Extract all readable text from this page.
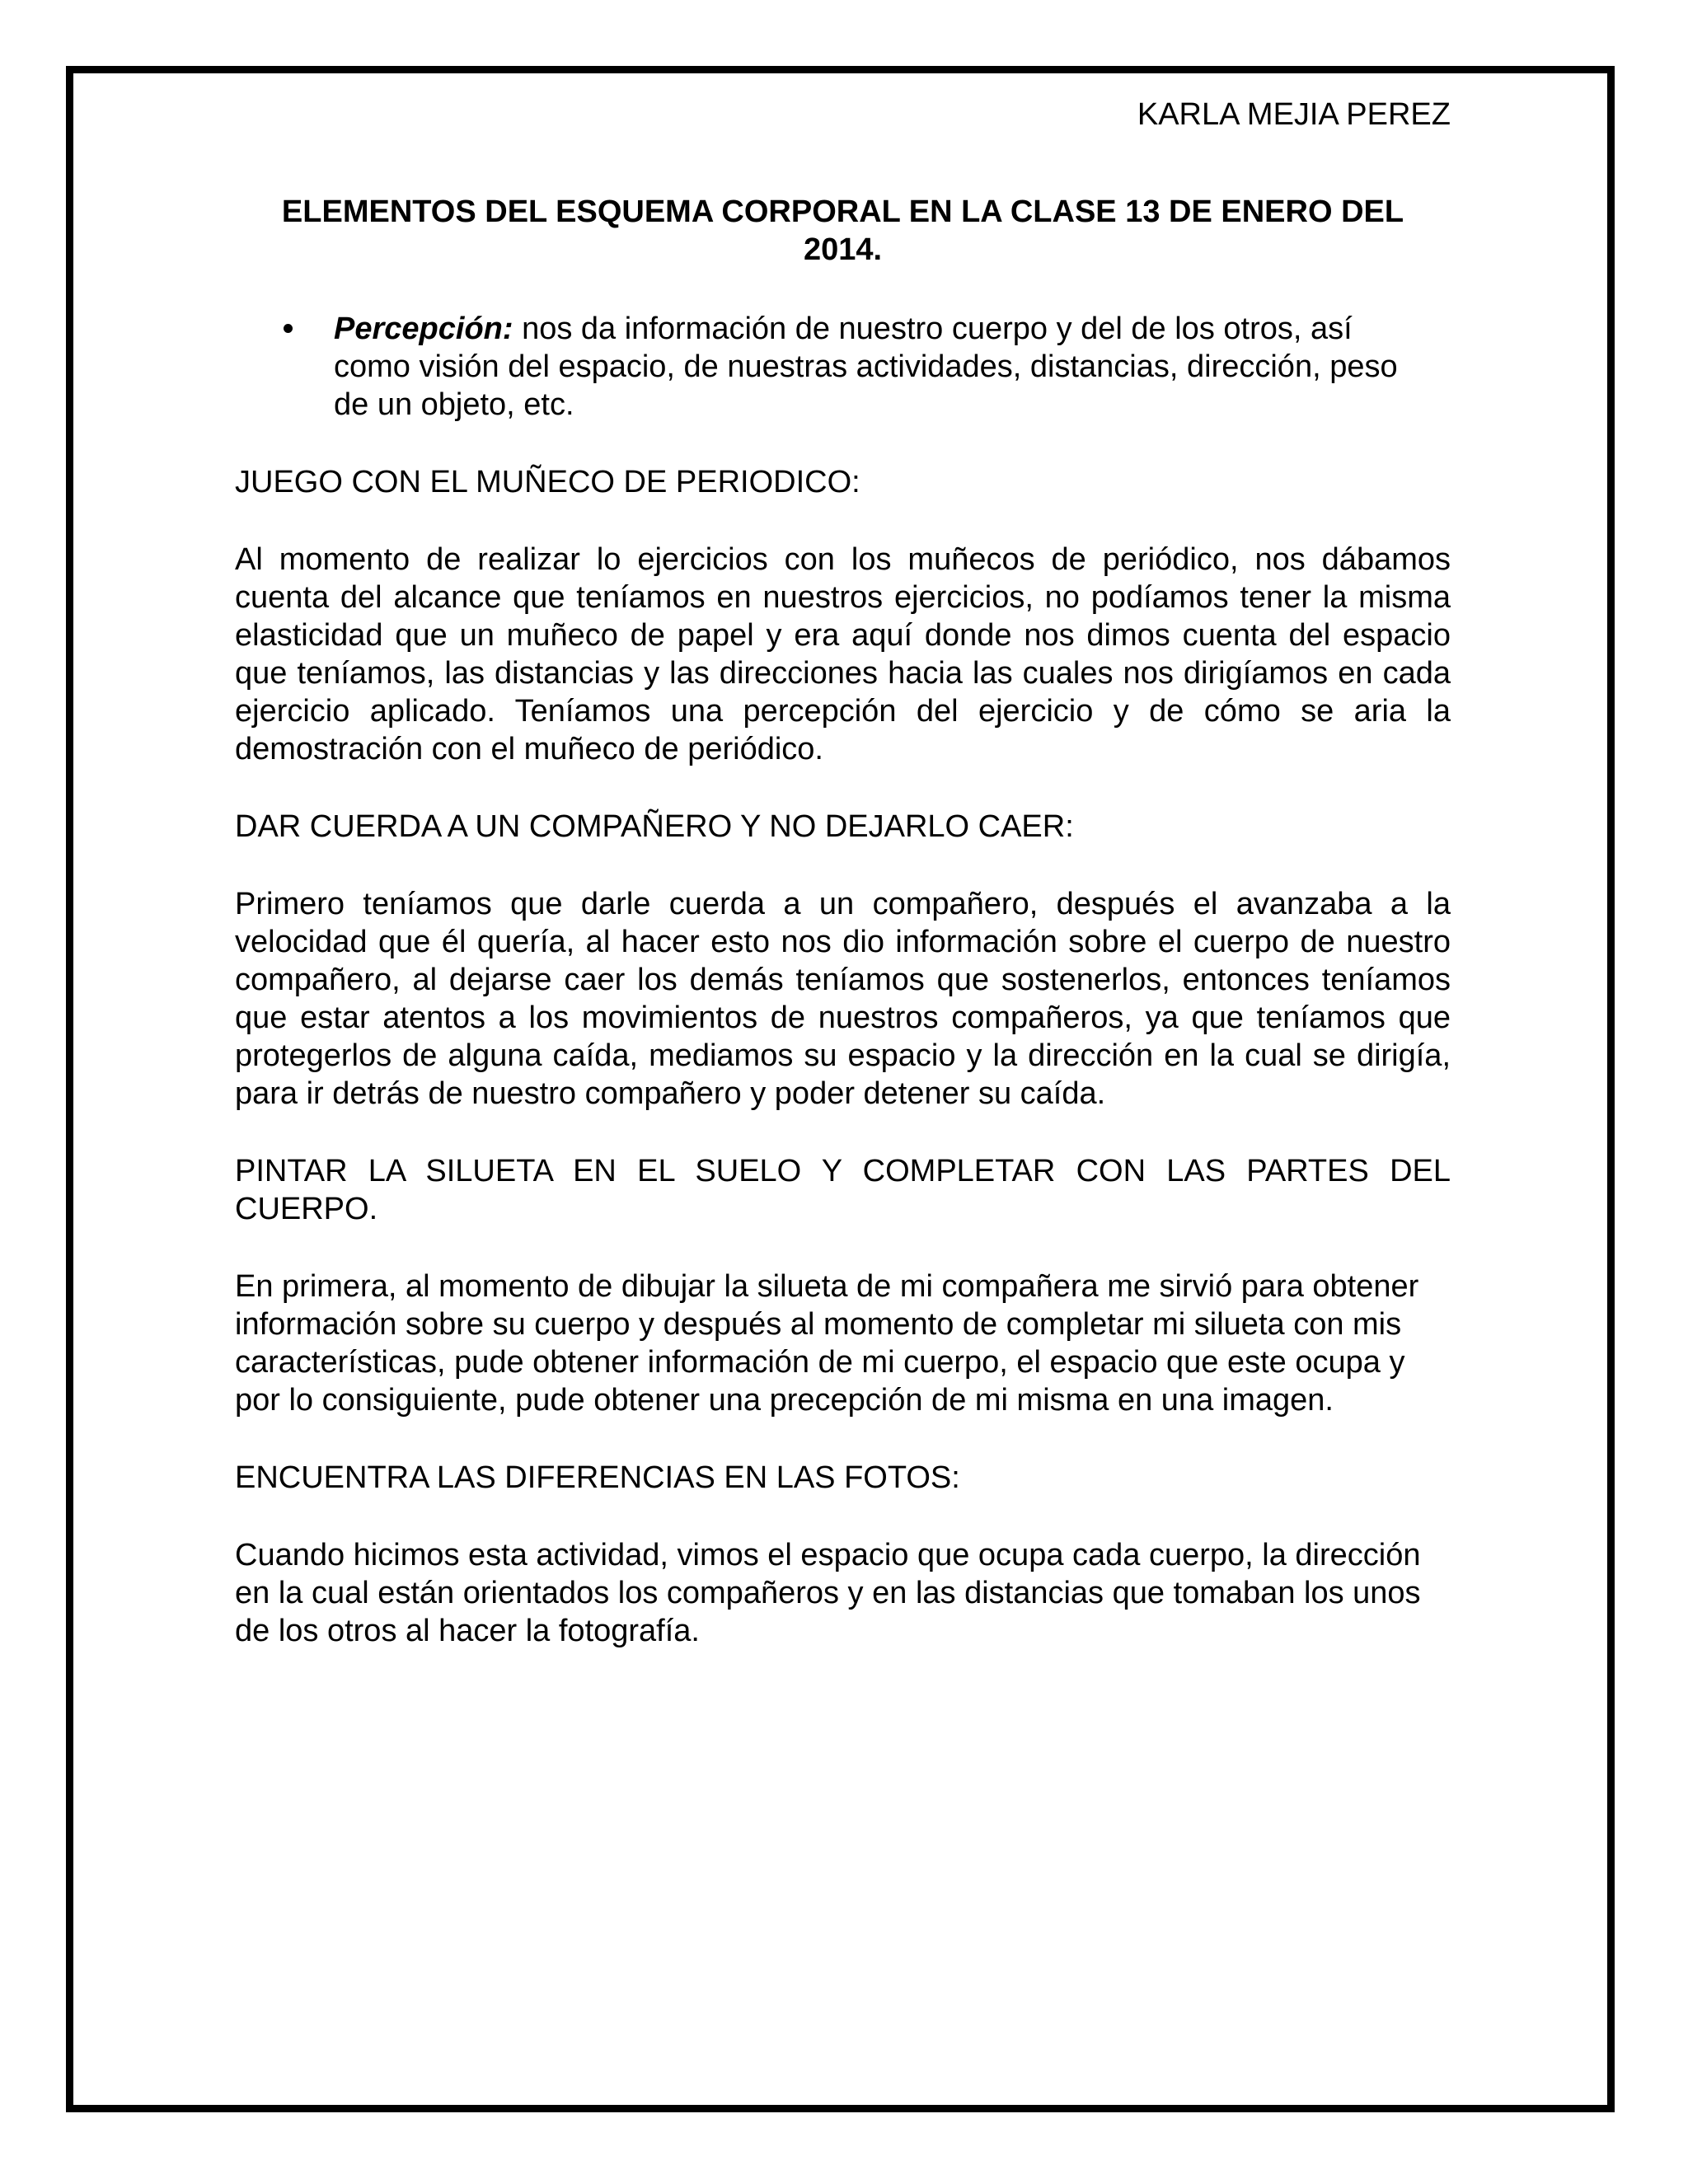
KARLA MEJIA PEREZ

ELEMENTOS DEL ESQUEMA CORPORAL EN LA CLASE 13 DE ENERO DEL 2014.
Percepción: nos da información de nuestro cuerpo y del de los otros, así como visión del espacio, de nuestras actividades, distancias, dirección, peso de un objeto, etc.

JUEGO CON EL MUÑECO DE PERIODICO:

Al momento de realizar lo ejercicios con los muñecos de periódico, nos dábamos cuenta del alcance que teníamos en nuestros ejercicios, no podíamos tener la misma elasticidad que un muñeco de papel y era aquí donde nos dimos cuenta del espacio que teníamos, las distancias y las direcciones hacia las cuales nos dirigíamos en cada ejercicio aplicado. Teníamos una percepción del ejercicio y de cómo se aria la demostración con el muñeco de periódico.

DAR CUERDA A UN COMPAÑERO Y NO DEJARLO CAER:

Primero teníamos que darle cuerda a un compañero, después el avanzaba a la velocidad que él quería, al hacer esto nos dio información sobre el cuerpo de nuestro compañero, al dejarse caer los demás teníamos que sostenerlos, entonces teníamos que estar atentos a los movimientos de nuestros compañeros, ya que teníamos que protegerlos de alguna caída, mediamos su espacio y la dirección en la cual se dirigía, para ir detrás de nuestro compañero y poder detener su caída.

PINTAR LA SILUETA EN EL SUELO Y COMPLETAR CON LAS PARTES DEL CUERPO.

En primera, al momento de dibujar la silueta de mi compañera me sirvió para obtener información sobre su cuerpo y después al momento de completar mi silueta con mis características, pude obtener información de mi cuerpo, el espacio que este ocupa y por lo consiguiente, pude obtener una precepción de mi misma en una imagen.

ENCUENTRA LAS DIFERENCIAS EN LAS FOTOS:

Cuando hicimos esta actividad, vimos el espacio que ocupa cada cuerpo, la dirección en la cual están orientados los compañeros y en las distancias que tomaban los unos de los otros al hacer la fotografía.
